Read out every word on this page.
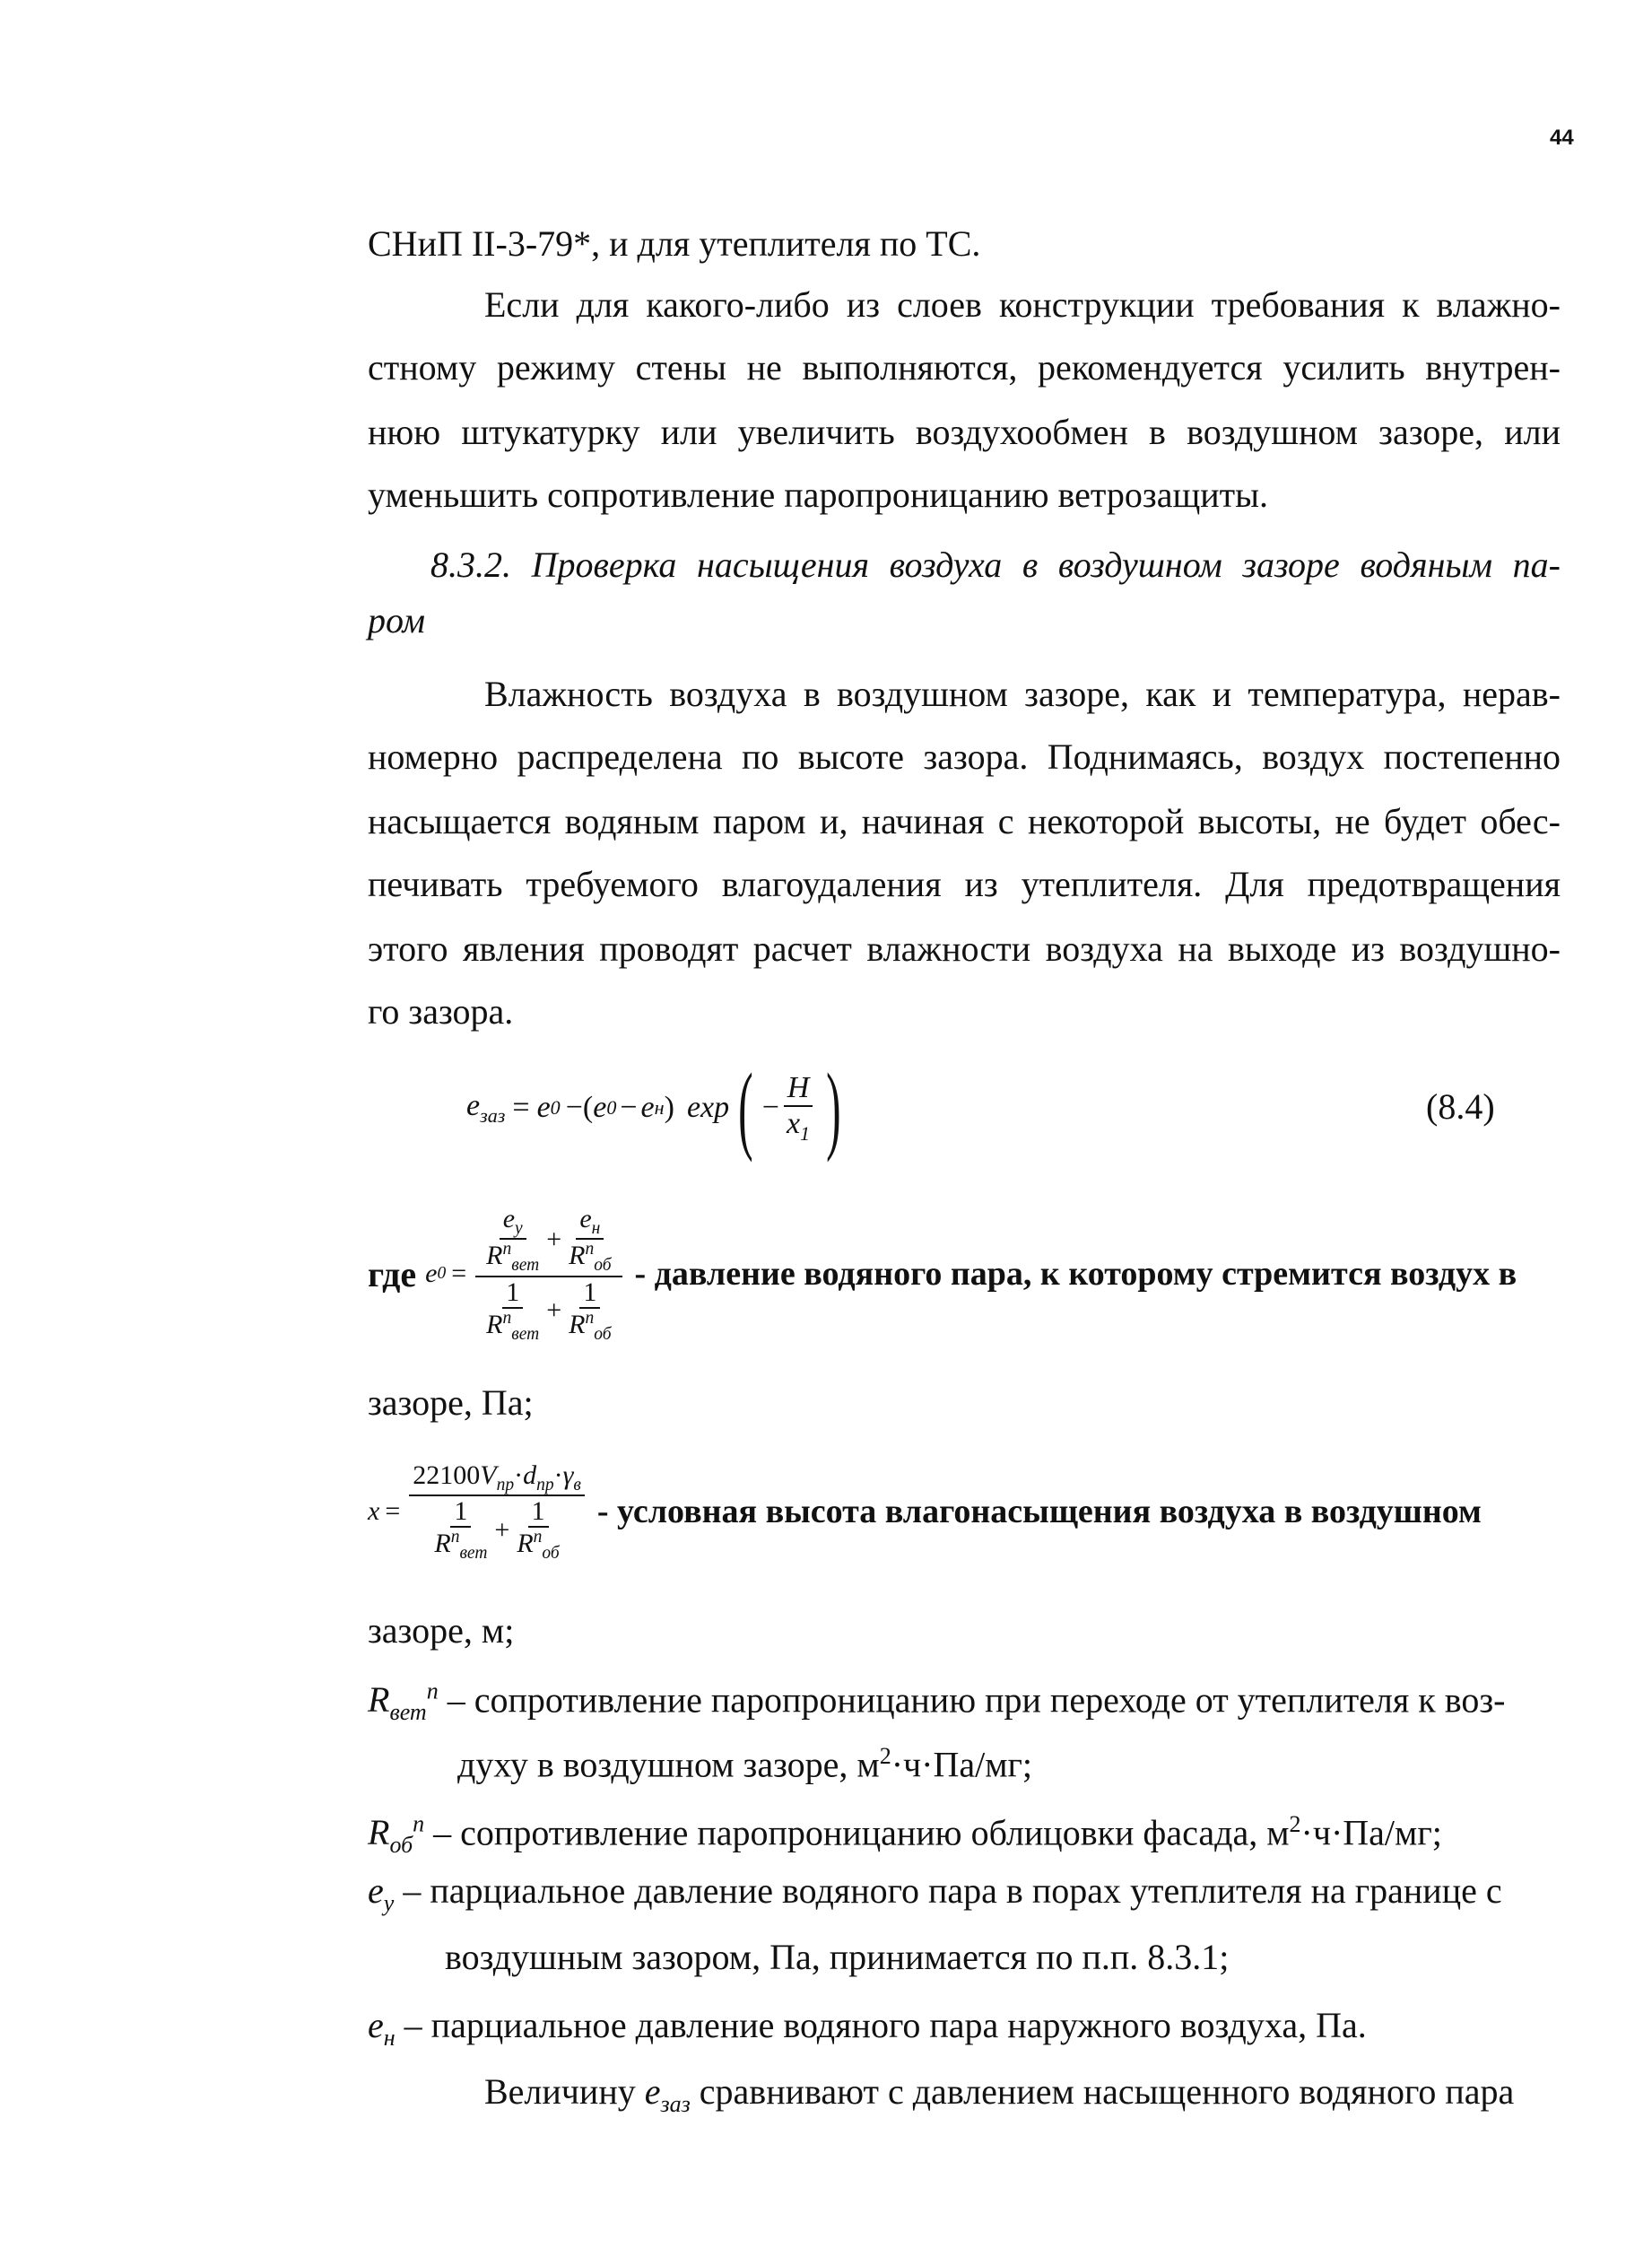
44
СНиП II-3-79*, и для утеплителя по ТС.
Если для какого-либо из слоев конструкции требования к влажно-
стному режиму стены не выполняются, рекомендуется усилить внутрен-
нюю штукатурку или увеличить воздухообмен в воздушном зазоре, или
уменьшить сопротивление паропроницанию ветрозащиты.
8.3.2. Проверка насыщения воздуха в воздушном зазоре водяным па-
ром
Влажность воздуха в воздушном зазоре, как и температура, нерав-
номерно распределена по высоте зазора. Поднимаясь, воздух постепенно
насыщается водяным паром и, начиная с некоторой высоты, не будет обес-
печивать требуемого влагоудаления из утеплителя. Для предотвращения
этого явления проводят расчет влажности воздуха на выходе из воздушно-
го зазора.
$e_{заз} = e$ 0 −( e 0 − e н ) exp ( − $\frac{H}{x_1}$ )	(8.4)
где e $0 = \frac{e_у}{R^п_{вет}} + \frac{e_н}{R^п_{об}}$
$\frac{1}{R^п_{вет}} + \frac{1}{R^п_{об}}$
- давление водяного пара, к которому стремится воздух в
зазоре, Па;
x =
$22100V_{пр}\cdot d_{пр}\cdot\gamma_в$
$\frac{1}{R^п_{вет}} + \frac{1}{R^п_{об}}$ - условная высота влагонасыщения воздуха в воздушном
зазоре, м;
$R_{вет}^п$ – сопротивление паропроницанию при переходе от утеплителя к воз-
духу в воздушном зазоре, $м^2\cdot ч\cdot Па/мг$;
$R_{об}^п$ – сопротивление паропроницанию облицовки фасада, $м^2\cdot ч\cdot Па/мг$;
$e_у$ – парциальное давление водяного пара в порах утеплителя на границе с
воздушным зазором, Па, принимается по п.п. 8.3.1;
$e_н$ – парциальное давление водяного пара наружного воздуха, Па.
Величину $e_{заз}$ сравнивают с давлением насыщенного водяного пара
